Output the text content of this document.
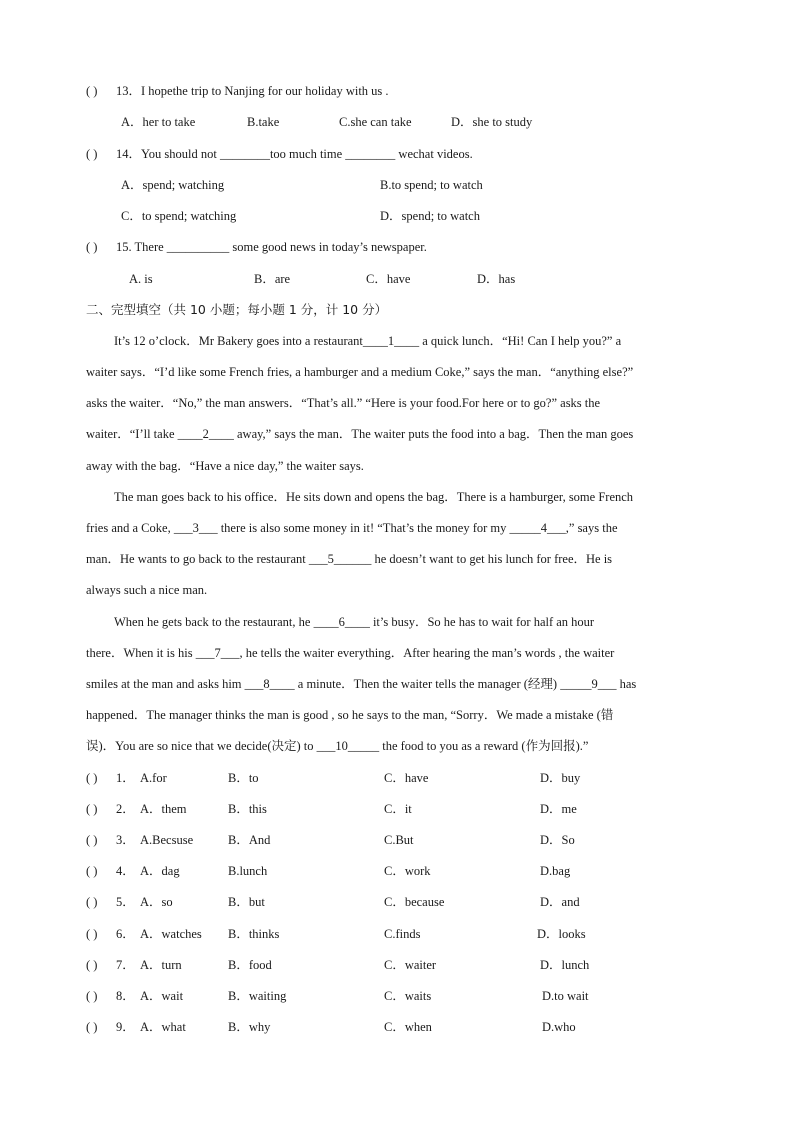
( ) 13．I hopethe trip to Nanjing for our holiday with us .
A．her to take	B.take	C.she can take	D．she to study
( ) 14．You should not ________too much time ________ wechat videos.
A．spend; watching	B.to spend; to watch
C．to spend; watching	D．spend; to watch
( ) 15. There __________ some good news in today’s newspaper.
A. is	B．are	C．have	D．has
二、完型填空（共 10 小题；每小题 1 分，计 10 分）
It’s 12 o’clock．Mr Bakery goes into a restaurant____1____ a quick lunch．“Hi! Can I help you?” a
waiter says．“I’d like some French fries, a hamburger and a medium Coke,” says the man．“anything else?”
asks the waiter．“No,” the man answers．“That’s all.” “Here is your food.For here or to go?” asks the
waiter．“I’ll take ____2____ away,” says the man．The waiter puts the food into a bag．Then the man goes
away with the bag．“Have a nice day,” the waiter says.
The man goes back to his office．He sits down and opens the bag．There is a hamburger, some French
fries and a Coke, ___3___ there is also some money in it! “That’s the money for my _____4___,” says the
man．He wants to go back to the restaurant ___5______ he doesn’t want to get his lunch for free．He is
always such a nice man.
When he gets back to the restaurant, he ____6____ it’s busy．So he has to wait for half an hour
there．When it is his ___7___, he tells the waiter everything．After hearing the man’s words , the waiter
smiles at the man and asks him ___8____ a minute．Then the waiter tells the manager (经理) _____9___ has
happened．The manager thinks the man is good , so he says to the man, “Sorry．We made a mistake (错
误)．You are so nice that we decide(决定) to ___10_____ the food to you as a reward (作为回报).”
( ) 1． A.for	B．to	C．have	D．buy
( ) 2． A．them	B．this	C．it	D．me
( ) 3． A.Becsuse	B．And	C.But	D．So
( ) 4． A．dag	B.lunch	C．work	D.bag
( ) 5． A．so	B．but	C．because	D．and
( ) 6． A．watches B．thinks	C.finds	D．looks
( ) 7． A．turn	B．food	C．waiter	D．lunch
( ) 8． A．wait	B．waiting	C．waits	D.to wait
( ) 9． A．what	B．why	C．when	D.who
